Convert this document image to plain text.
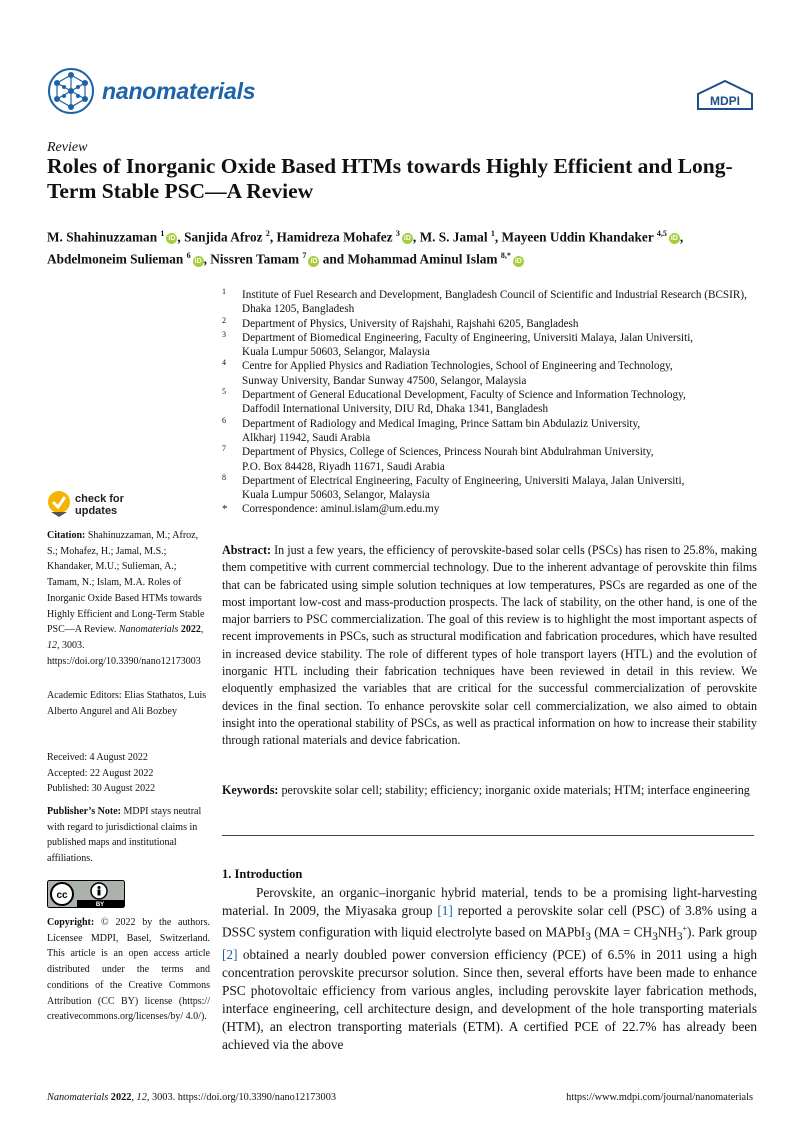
nanomaterials	MDPI
Review
Roles of Inorganic Oxide Based HTMs towards Highly Efficient and Long-Term Stable PSC—A Review
M. Shahinuzzaman $^1$iD , Sanjida Afroz $^2$, Hamidreza Mohafez $^3$iD , M. S. Jamal $^1$, Mayeen Uddin Khandaker $^{4,5}$iD , Abdelmoneim Sulieman $^6$iD , Nissren Tamam $^7$iD and Mohammad Aminul Islam $^{8,*}$iD
1 Institute of Fuel Research and Development, Bangladesh Council of Scientific and Industrial Research (BCSIR),
Dhaka 1205, Bangladesh
2 Department of Physics, University of Rajshahi, Rajshahi 6205, Bangladesh
3 Department of Biomedical Engineering, Faculty of Engineering, Universiti Malaya, Jalan Universiti,
Kuala Lumpur 50603, Selangor, Malaysia
4 Centre for Applied Physics and Radiation Technologies, School of Engineering and Technology,
Sunway University, Bandar Sunway 47500, Selangor, Malaysia
5 Department of General Educational Development, Faculty of Science and Information Technology,
Daffodil International University, DIU Rd, Dhaka 1341, Bangladesh
6 Department of Radiology and Medical Imaging, Prince Sattam bin Abdulaziz University,
Alkharj 11942, Saudi Arabia
7 Department of Physics, College of Sciences, Princess Nourah bint Abdulrahman University,
P.O. Box 84428, Riyadh 11671, Saudi Arabia
8 Department of Electrical Engineering, Faculty of Engineering, Universiti Malaya, Jalan Universiti,
Kuala Lumpur 50603, Selangor, Malaysia
* Correspondence: aminul.islam@um.edu.my
check for
updates
Citation: Shahinuzzaman, M.; Afroz, S.; Mohafez, H.; Jamal, M.S.; Khandaker, M.U.; Sulieman, A.; Tamam, N.; Islam, M.A. Roles of Inorganic Oxide Based HTMs towards Highly Efficient and Long-Term Stable PSC—A Review. Nanomaterials 2022, 12, 3003. https://doi.org/10.3390/nano12173003
Academic Editors: Elias Stathatos, Luis Alberto Angurel and Ali Bozbey
Received: 4 August 2022
Accepted: 22 August 2022
Published: 30 August 2022
Publisher’s Note: MDPI stays neutral with regard to jurisdictional claims in published maps and institutional affiliations.
cc
BY
Copyright: © 2022 by the authors. Licensee MDPI, Basel, Switzerland. This article is an open access article distributed under the terms and conditions of the Creative Commons Attribution (CC BY) license (https:// creativecommons.org/licenses/by/ 4.0/).
Abstract: In just a few years, the efficiency of perovskite-based solar cells (PSCs) has risen to 25.8%, making them competitive with current commercial technology. Due to the inherent advantage of perovskite thin films that can be fabricated using simple solution techniques at low temperatures, PSCs are regarded as one of the most important low-cost and mass-production prospects. The lack of stability, on the other hand, is one of the major barriers to PSC commercialization. The goal of this review is to highlight the most important aspects of recent improvements in PSCs, such as structural modification and fabrication procedures, which have resulted in increased device stability. The role of different types of hole transport layers (HTL) and the evolution of inorganic HTL including their fabrication techniques have been reviewed in detail in this review. We eloquently emphasized the variables that are critical for the successful commercialization of perovskite devices in the final section. To enhance perovskite solar cell commercialization, we also aimed to obtain insight into the operational stability of PSCs, as well as practical information on how to increase their stability through rational materials and device fabrication.
Keywords: perovskite solar cell; stability; efficiency; inorganic oxide materials; HTM; interface engineering
1. Introduction

Perovskite, an organic–inorganic hybrid material, tends to be a promising light-harvesting material. In 2009, the Miyasaka group [1] reported a perovskite solar cell (PSC) of 3.8% using a DSSC system configuration with liquid electrolyte based on MAPbI$_3$ $(MA = CH_3NH_3^+)$. Park group [2] obtained a nearly doubled power conversion efficiency (PCE) of 6.5% in 2011 using a high concentration perovskite precursor solution. Since then, several efforts have been made to enhance PSC photovoltaic efficiency from various angles, including perovskite layer fabrication methods, interface engineering, cell architecture design, and development of the hole transporting materials (HTM), an electron transporting materials (ETM). A certified PCE of 22.7% has already been achieved via the above

Nanomaterials 2022, 12, 3003. https://doi.org/10.3390/nano12173003	https://www.mdpi.com/journal/nanomaterials
